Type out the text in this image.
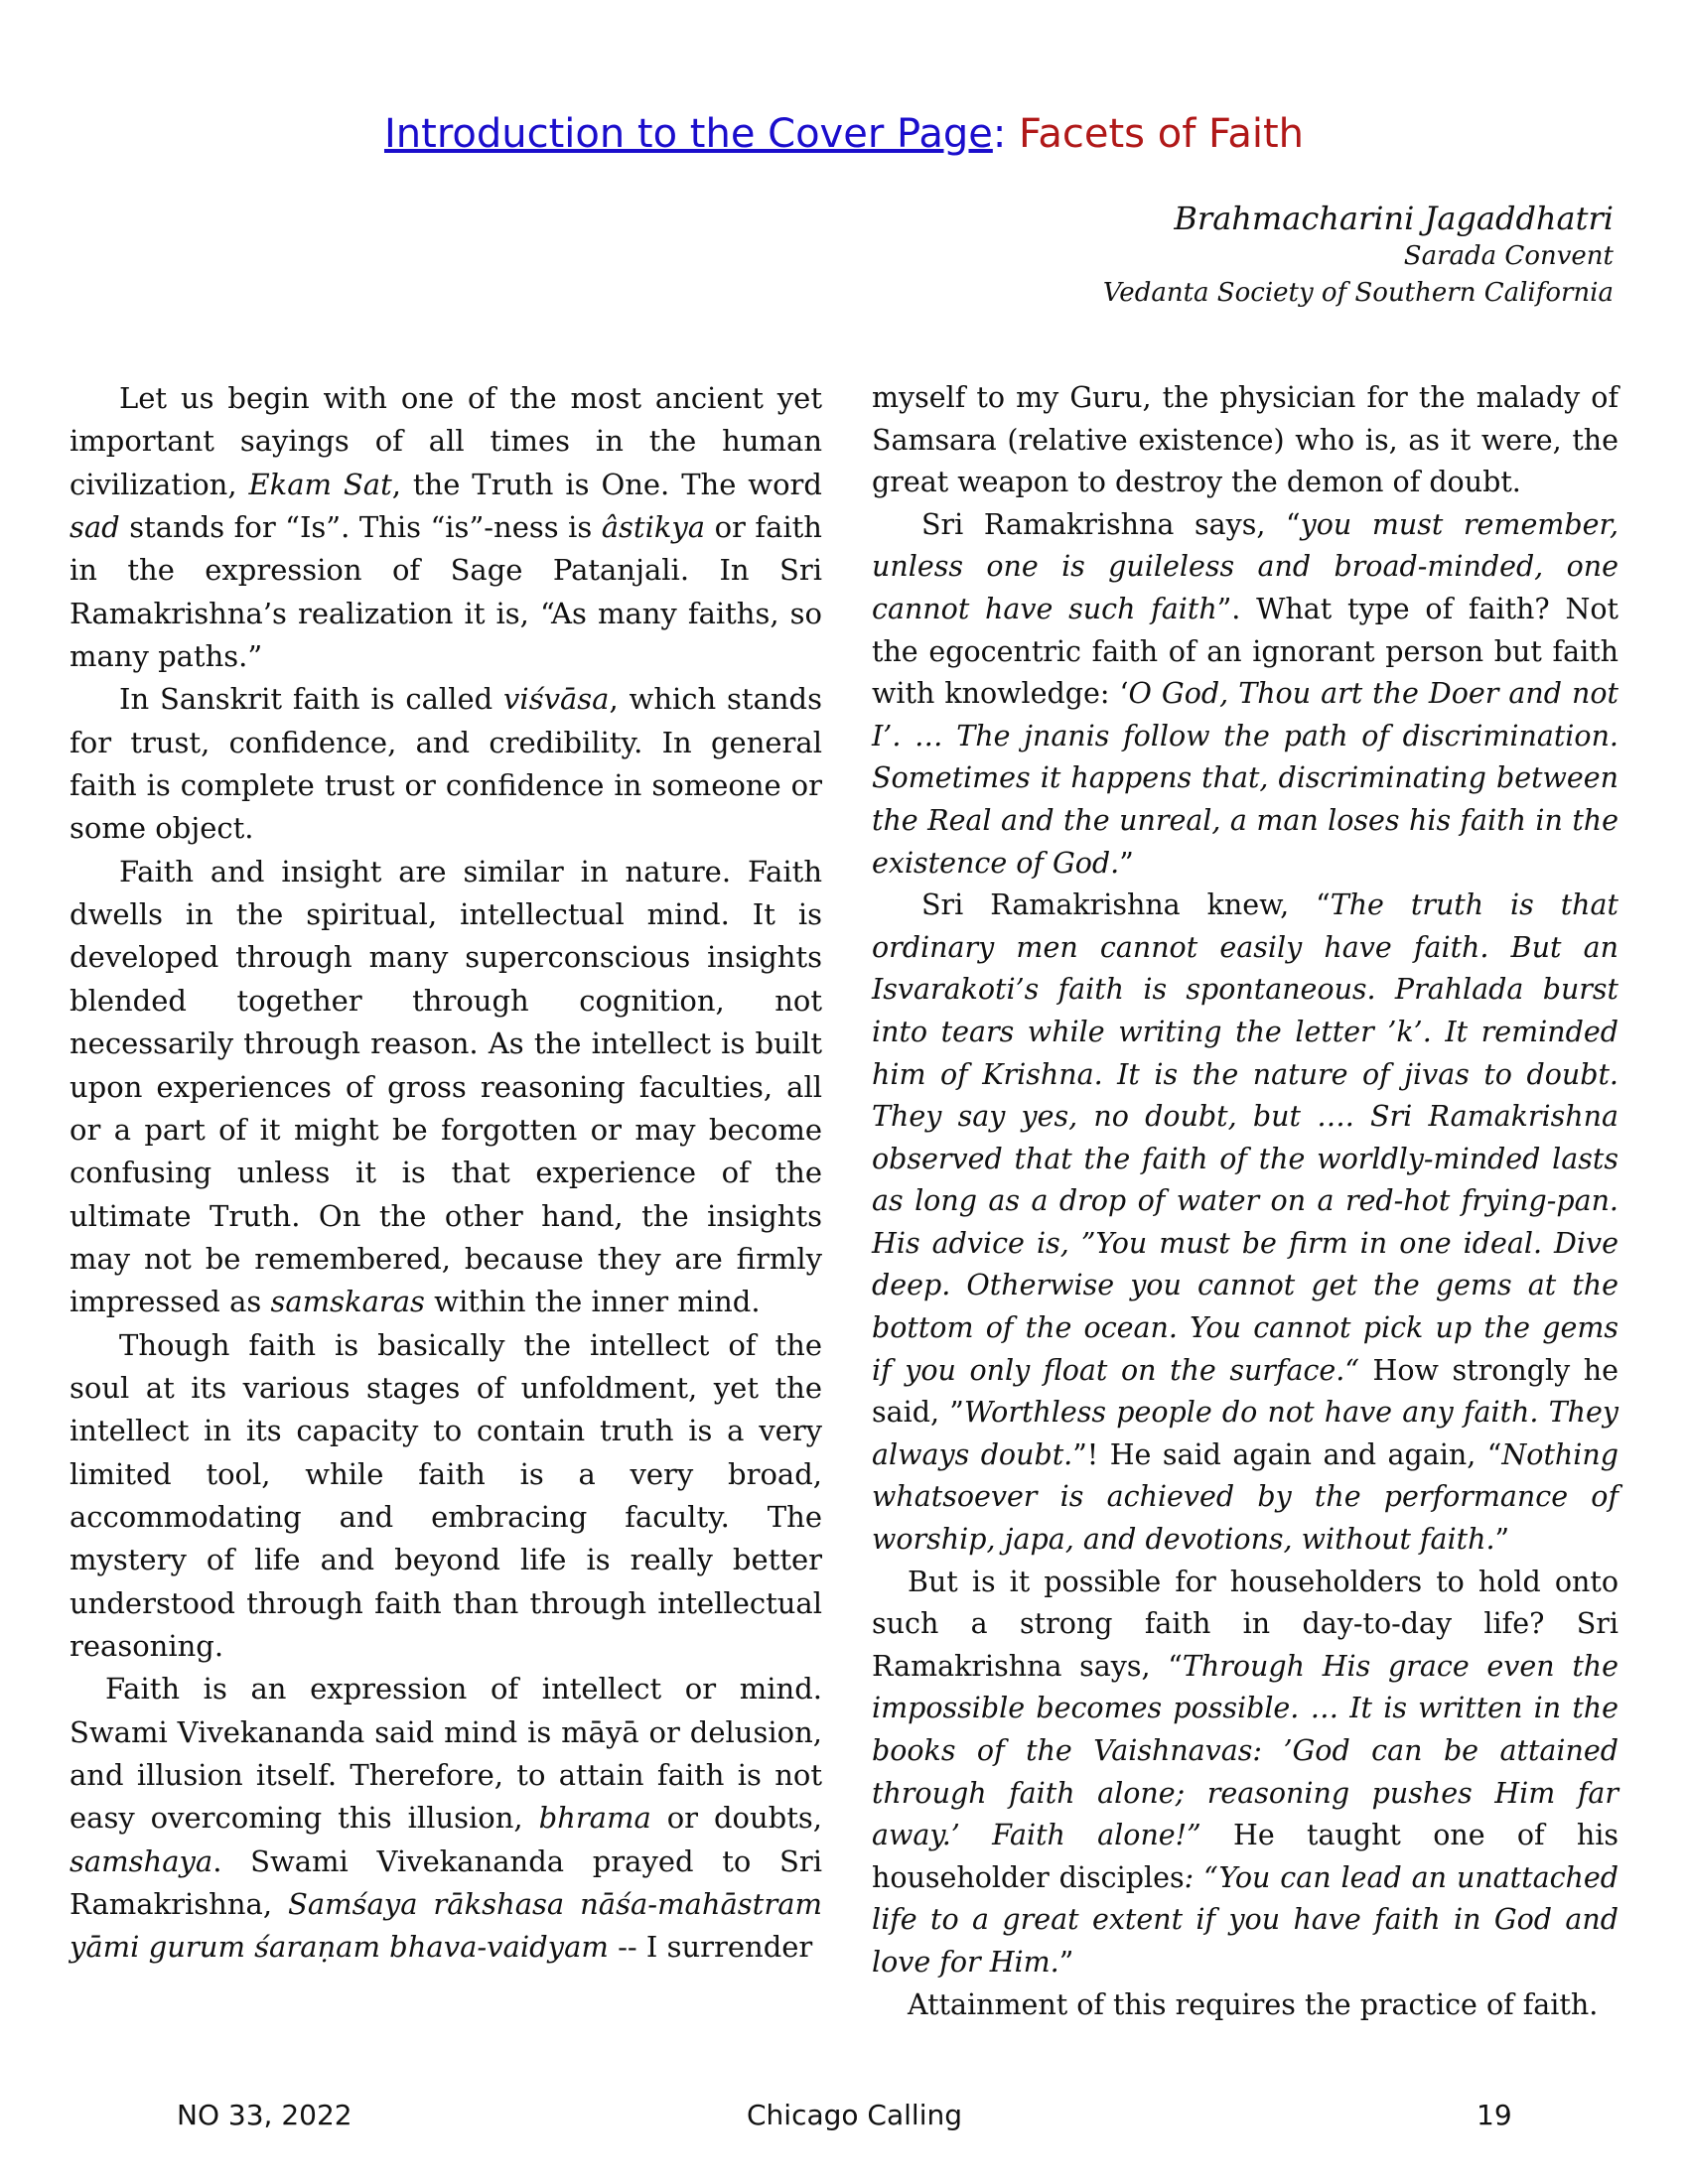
Introduction to the Cover Page: Facets of Faith
Brahmacharini Jagaddhatri
Sarada Convent
Vedanta Society of Southern California

Let us begin with one of the most ancient yet important sayings of all times in the human civilization, Ekam Sat, the Truth is One. The word sad stands for “Is”. This “is”-ness is âstikya or faith in the expression of Sage Patanjali. In Sri Ramakrishna’s realization it is, “As many faiths, so many paths.”

In Sanskrit faith is called viśvāsa, which stands for trust, confidence, and credibility. In general faith is complete trust or confidence in someone or some object.

Faith and insight are similar in nature. Faith dwells in the spiritual, intellectual mind. It is developed through many superconscious insights blended together through cognition, not necessarily through reason. As the intellect is built upon experiences of gross reasoning faculties, all or a part of it might be forgotten or may become confusing unless it is that experience of the ultimate Truth. On the other hand, the insights may not be remembered, because they are firmly impressed as samskaras within the inner mind.

Though faith is basically the intellect of the soul at its various stages of unfoldment, yet the intellect in its capacity to contain truth is a very limited tool, while faith is a very broad, accommodating and embracing faculty. The mystery of life and beyond life is really better understood through faith than through intellectual reasoning.

Faith is an expression of intellect or mind. Swami Vivekananda said mind is māyā or delusion, and illusion itself. Therefore, to attain faith is not easy overcoming this illusion, bhrama or doubts, samshaya. Swami Vivekananda prayed to Sri Ramakrishna, Samśaya rākshasa nāśa-mahāstram yāmi gurum śaraṇam bhava-vaidyam -- I surrender

myself to my Guru, the physician for the malady of Samsara (relative existence) who is, as it were, the great weapon to destroy the demon of doubt.

Sri Ramakrishna says, “you must remember, unless one is guileless and broad-minded, one cannot have such faith”. What type of faith? Not the egocentric faith of an ignorant person but faith with knowledge: ‘O God, Thou art the Doer and not I’. … The jnanis follow the path of discrimination. Sometimes it happens that, discriminating between the Real and the unreal, a man loses his faith in the existence of God.”

Sri Ramakrishna knew, “The truth is that ordinary men cannot easily have faith. But an Isvarakoti’s faith is spontaneous. Prahlada burst into tears while writing the letter ’k’. It reminded him of Krishna. It is the nature of jivas to doubt. They say yes, no doubt, but …. Sri Ramakrishna observed that the faith of the worldly-minded lasts as long as a drop of water on a red-hot frying-pan. His advice is, ”You must be firm in one ideal. Dive deep. Otherwise you cannot get the gems at the bottom of the ocean. You cannot pick up the gems if you only float on the surface.“ How strongly he said, ”Worthless people do not have any faith. They always doubt.”! He said again and again, “Nothing whatsoever is achieved by the performance of worship, japa, and devotions, without faith.”

But is it possible for householders to hold onto such a strong faith in day-to-day life? Sri Ramakrishna says, “Through His grace even the impossible becomes possible. … It is written in the books of the Vaishnavas: ’God can be attained through faith alone; reasoning pushes Him far away.’ Faith alone!” He taught one of his householder disciples: “You can lead an unattached life to a great extent if you have faith in God and love for Him.”

Attainment of this requires the practice of faith.

NO 33, 2022	Chicago Calling	19
